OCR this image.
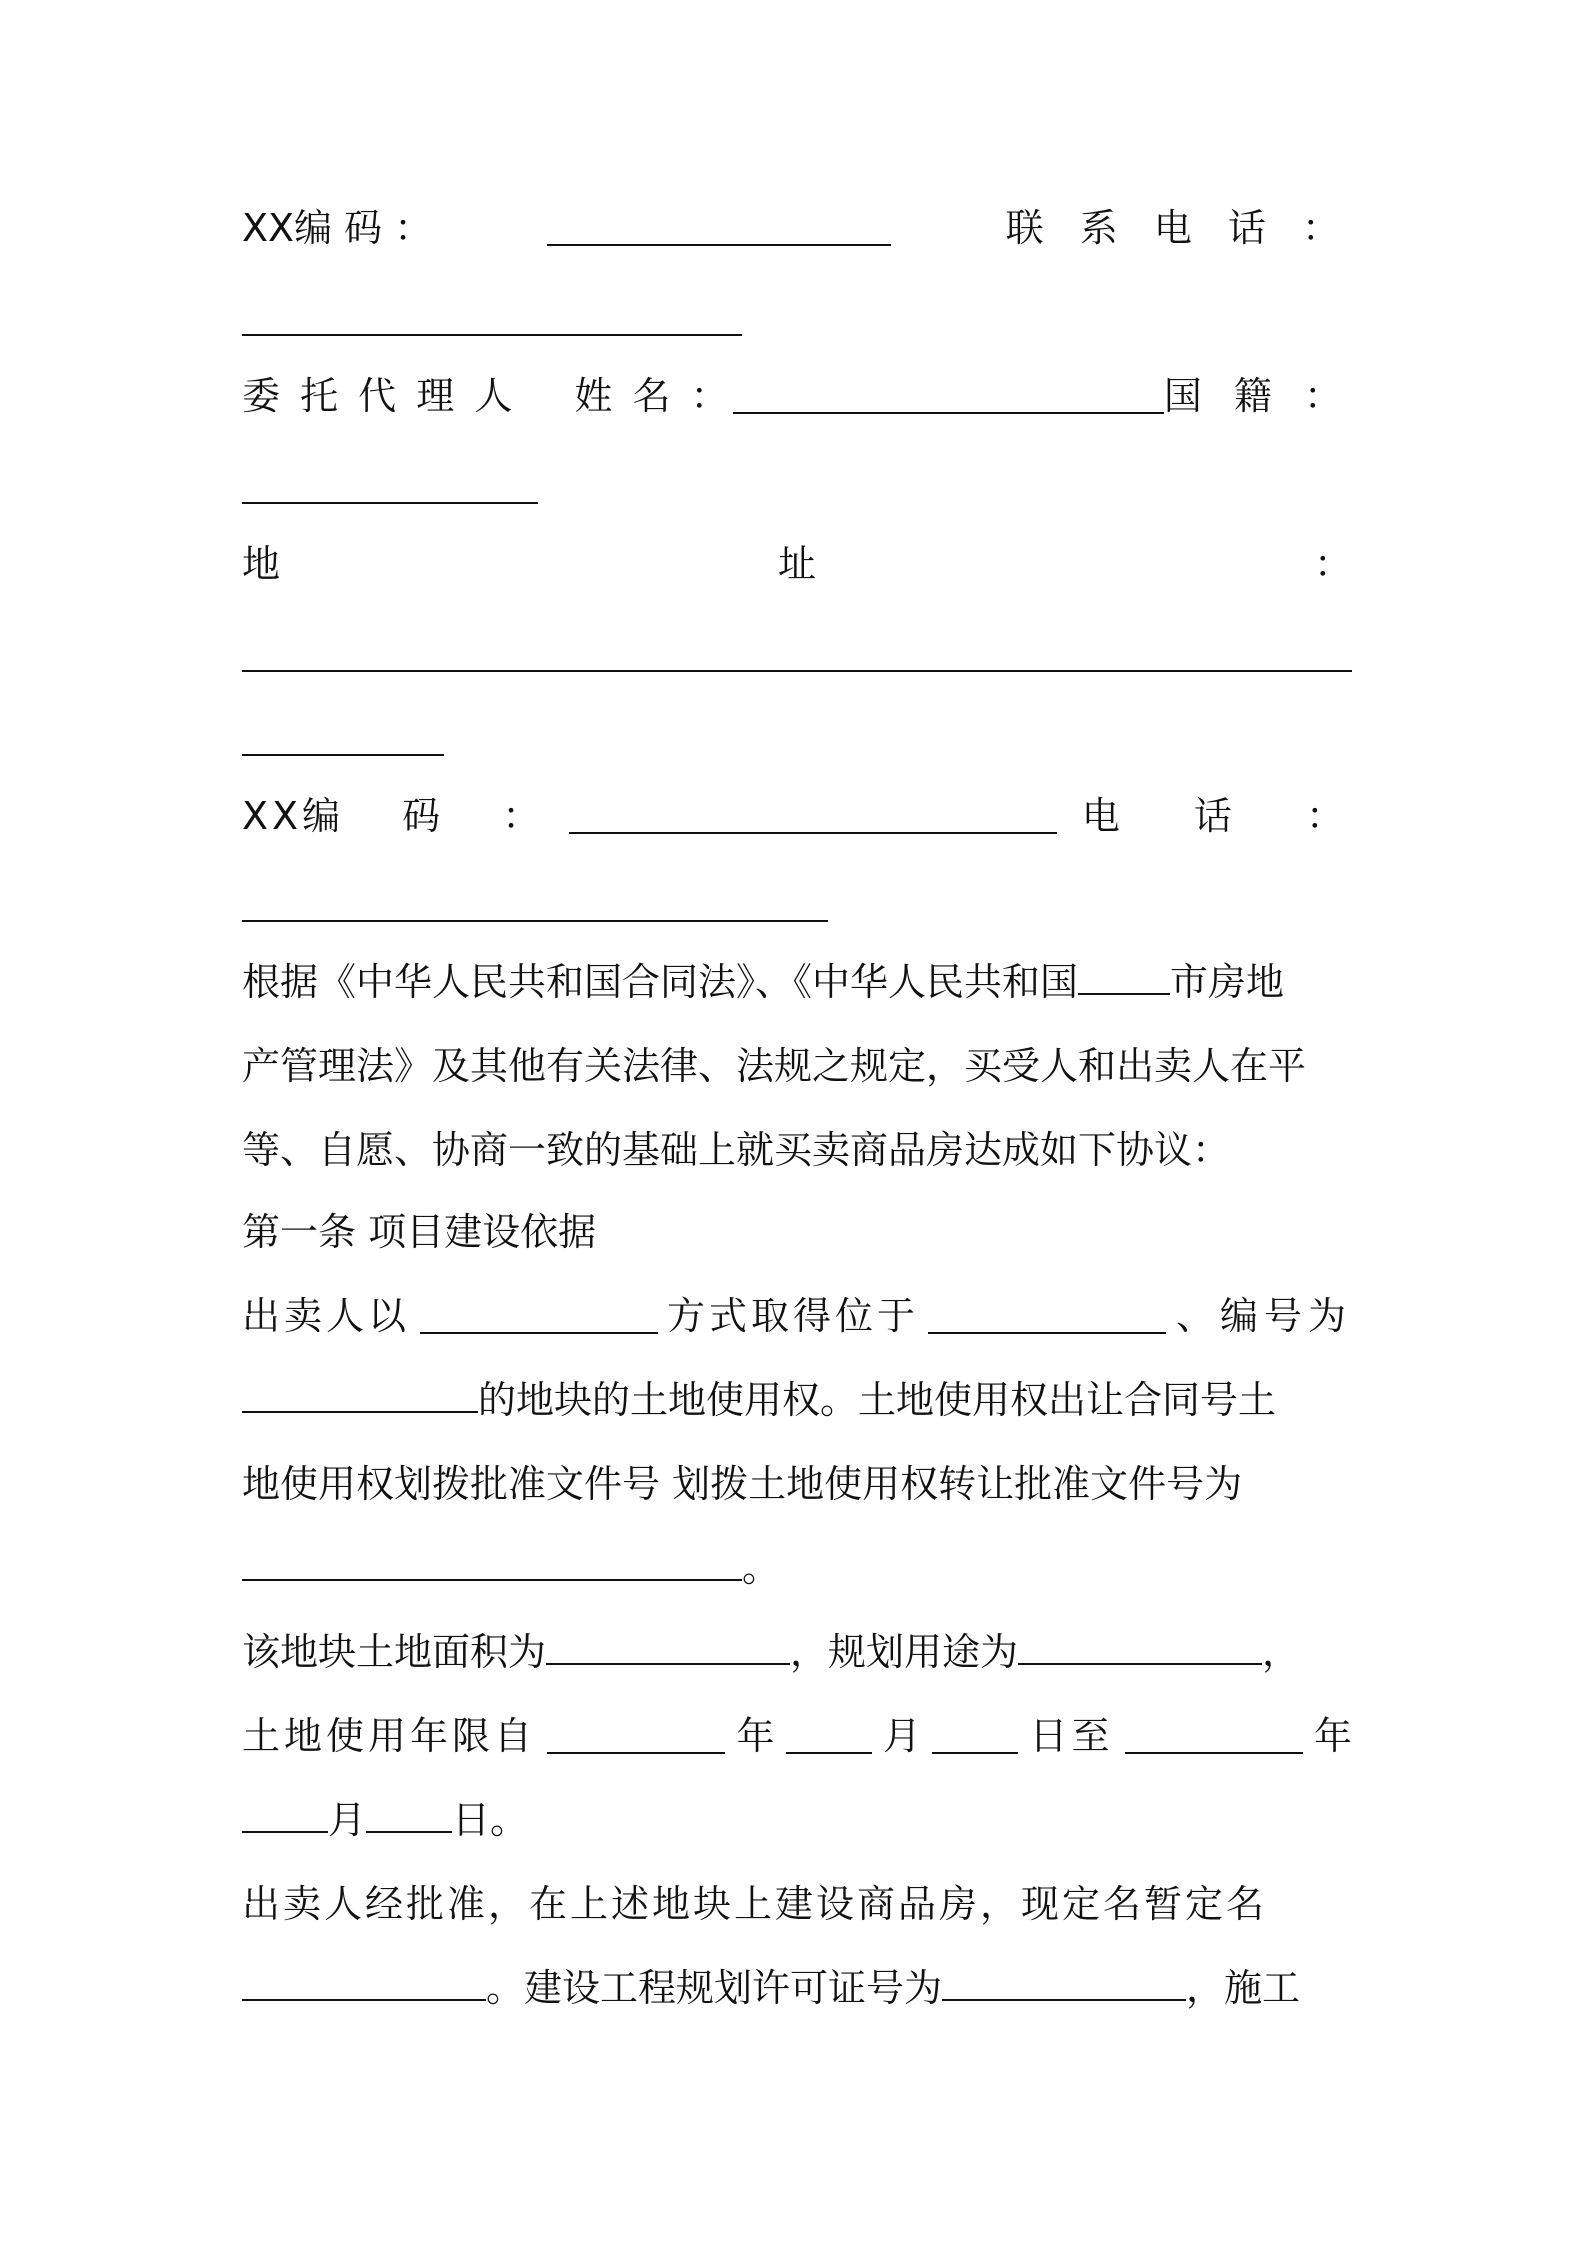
XX编 码 ：	联 系 电 话 ：
委 托 代 理 人　 姓 名 ：	国 籍 ：
地	址	：
XX编　 码　 ：	电　 话　 ：
根据《中华人民共和国合同法》、《中华人民共和国 市房地
产管理法》及其他有关法律、法规之规定，买受人和出卖人在平
等、自愿、协商一致的基础上就买卖商品房达成如下协议：
第一条 项目建设依据
出卖人以	方式取得位于	、编号为
的地块的土地使用权。土地使用权出让合同号土
地使用权划拨批准文件号 划拨土地使用权转让批准文件号为
。
该地块土地面积为	，规划用途为	，
土地使用年限自	年	月	日至	年
月 日。
出卖人经批准，在上述地块上建设商品房，现定名暂定名
。建设工程规划许可证号为	，施工
